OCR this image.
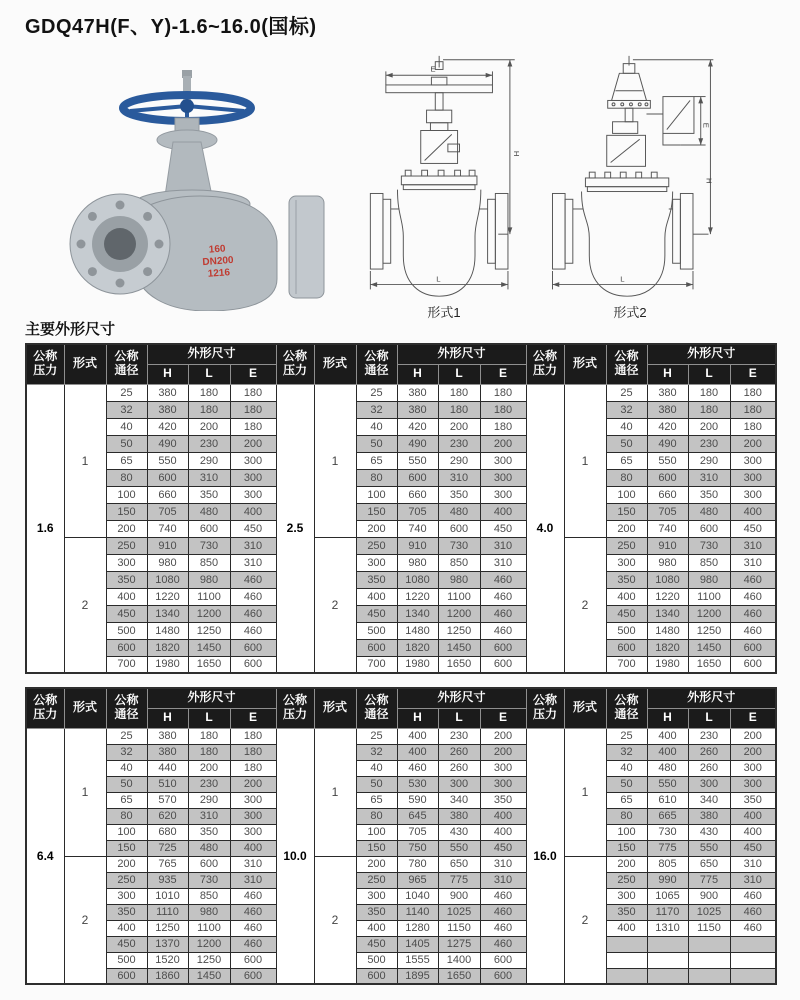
GDQ47H(F、Y)-1.6~16.0(国标)
160
DN200
1216
E
H
L
形式1
E
H
L
形式2
主要外形尺寸
公称
压力	形式	公称
通径	外形尺寸			公称
压力	形式	公称
通径	外形尺寸			公称
压力	形式	公称
通径	外形尺寸		
			H	L	E				H	L	E				H	L	E
1.6	1	25	380	180	180	2.5	1	25	380	180	180	4.0	1	25	380	180	180
		32	380	180	180			32	380	180	180			32	380	180	180
		40	420	200	180			40	420	200	180			40	420	200	180
		50	490	230	200			50	490	230	200			50	490	230	200
		65	550	290	300			65	550	290	300			65	550	290	300
		80	600	310	300			80	600	310	300			80	600	310	300
		100	660	350	300			100	660	350	300			100	660	350	300
		150	705	480	400			150	705	480	400			150	705	480	400
		200	740	600	450			200	740	600	450			200	740	600	450
	2	250	910	730	310		2	250	910	730	310		2	250	910	730	310
		300	980	850	310			300	980	850	310			300	980	850	310
		350	1080	980	460			350	1080	980	460			350	1080	980	460
		400	1220	1100	460			400	1220	1100	460			400	1220	1100	460
		450	1340	1200	460			450	1340	1200	460			450	1340	1200	460
		500	1480	1250	460			500	1480	1250	460			500	1480	1250	460
		600	1820	1450	600			600	1820	1450	600			600	1820	1450	600
		700	1980	1650	600			700	1980	1650	600			700	1980	1650	600
公称
压力	形式	公称
通径	外形尺寸			公称
压力	形式	公称
通径	外形尺寸			公称
压力	形式	公称
通径	外形尺寸		
			H	L	E				H	L	E				H	L	E
6.4	1	25	380	180	180	10.0	1	25	400	230	200	16.0	1	25	400	230	200
		32	380	180	180			32	400	260	200			32	400	260	200
		40	440	200	180			40	460	260	300			40	480	260	300
		50	510	230	200			50	530	300	300			50	550	300	300
		65	570	290	300			65	590	340	350			65	610	340	350
		80	620	310	300			80	645	380	400			80	665	380	400
		100	680	350	300			100	705	430	400			100	730	430	400
		150	725	480	400			150	750	550	450			150	775	550	450
	2	200	765	600	310		2	200	780	650	310		2	200	805	650	310
		250	935	730	310			250	965	775	310			250	990	775	310
		300	1010	850	460			300	1040	900	460			300	1065	900	460
		350	1110	980	460			350	1140	1025	460			350	1170	1025	460
		400	1250	1100	460			400	1280	1150	460			400	1310	1150	460
		450	1370	1200	460			450	1405	1275	460						
		500	1520	1250	600			500	1555	1400	600						
		600	1860	1450	600			600	1895	1650	600						
